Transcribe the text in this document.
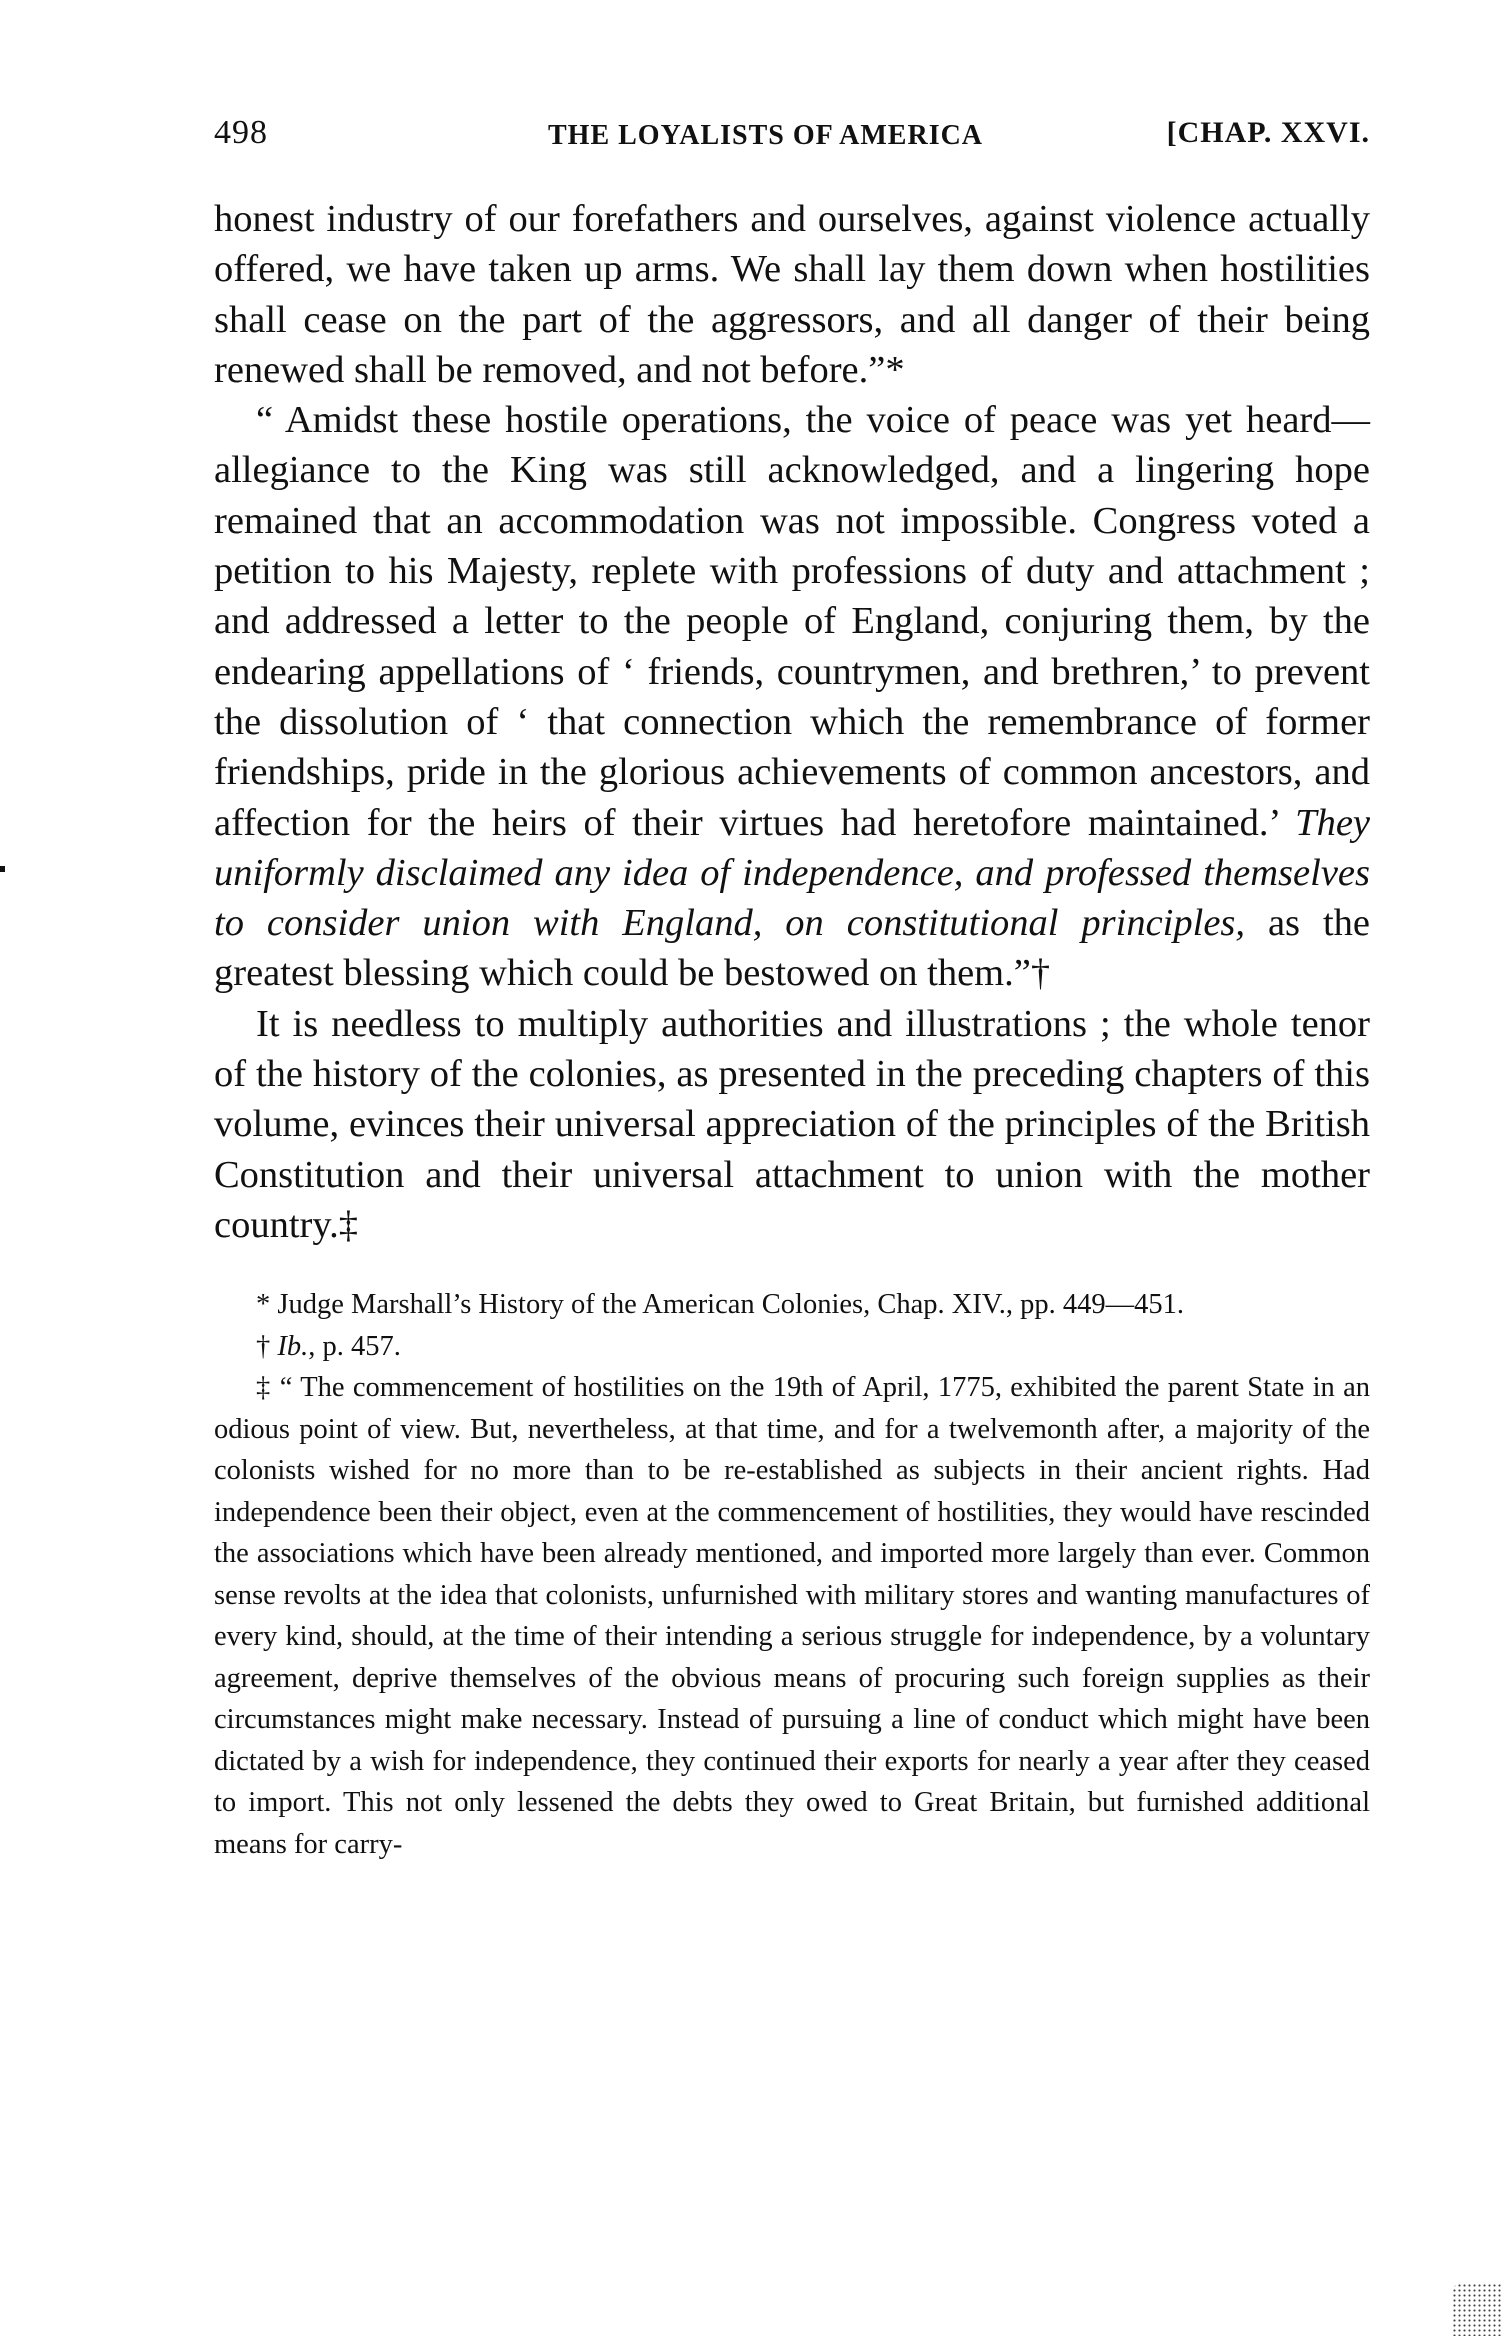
498	THE LOYALISTS OF AMERICA	[CHAP. XXVI.

honest industry of our forefathers and ourselves, against violence actually offered, we have taken up arms. We shall lay them down when hostilities shall cease on the part of the aggressors, and all danger of their being renewed shall be removed, and not before.”*

“ Amidst these hostile operations, the voice of peace was yet heard—allegiance to the King was still acknowledged, and a lingering hope remained that an accommodation was not impossible. Congress voted a petition to his Majesty, replete with professions of duty and attachment ; and addressed a letter to the people of England, conjuring them, by the endearing appellations of ‘ friends, countrymen, and brethren,’ to prevent the dissolution of ‘ that connection which the remembrance of former friendships, pride in the glorious achievements of common ancestors, and affection for the heirs of their virtues had heretofore maintained.’ They uniformly disclaimed any idea of independence, and professed themselves to consider union with England, on constitutional principles, as the greatest blessing which could be bestowed on them.”†

It is needless to multiply authorities and illustrations ; the whole tenor of the history of the colonies, as presented in the preceding chapters of this volume, evinces their universal appreciation of the principles of the British Constitution and their universal attachment to union with the mother country.‡

* Judge Marshall’s History of the American Colonies, Chap. XIV., pp. 449—451.

† Ib., p. 457.

‡ “ The commencement of hostilities on the 19th of April, 1775, exhibited the parent State in an odious point of view. But, nevertheless, at that time, and for a twelvemonth after, a majority of the colonists wished for no more than to be re-established as subjects in their ancient rights. Had independence been their object, even at the commencement of hostilities, they would have rescinded the associations which have been already mentioned, and imported more largely than ever. Common sense revolts at the idea that colonists, unfurnished with military stores and wanting manufactures of every kind, should, at the time of their intending a serious struggle for independence, by a voluntary agreement, deprive themselves of the obvious means of procuring such foreign supplies as their circumstances might make necessary. Instead of pursuing a line of conduct which might have been dictated by a wish for independence, they continued their exports for nearly a year after they ceased to import. This not only lessened the debts they owed to Great Britain, but furnished additional means for carry-
